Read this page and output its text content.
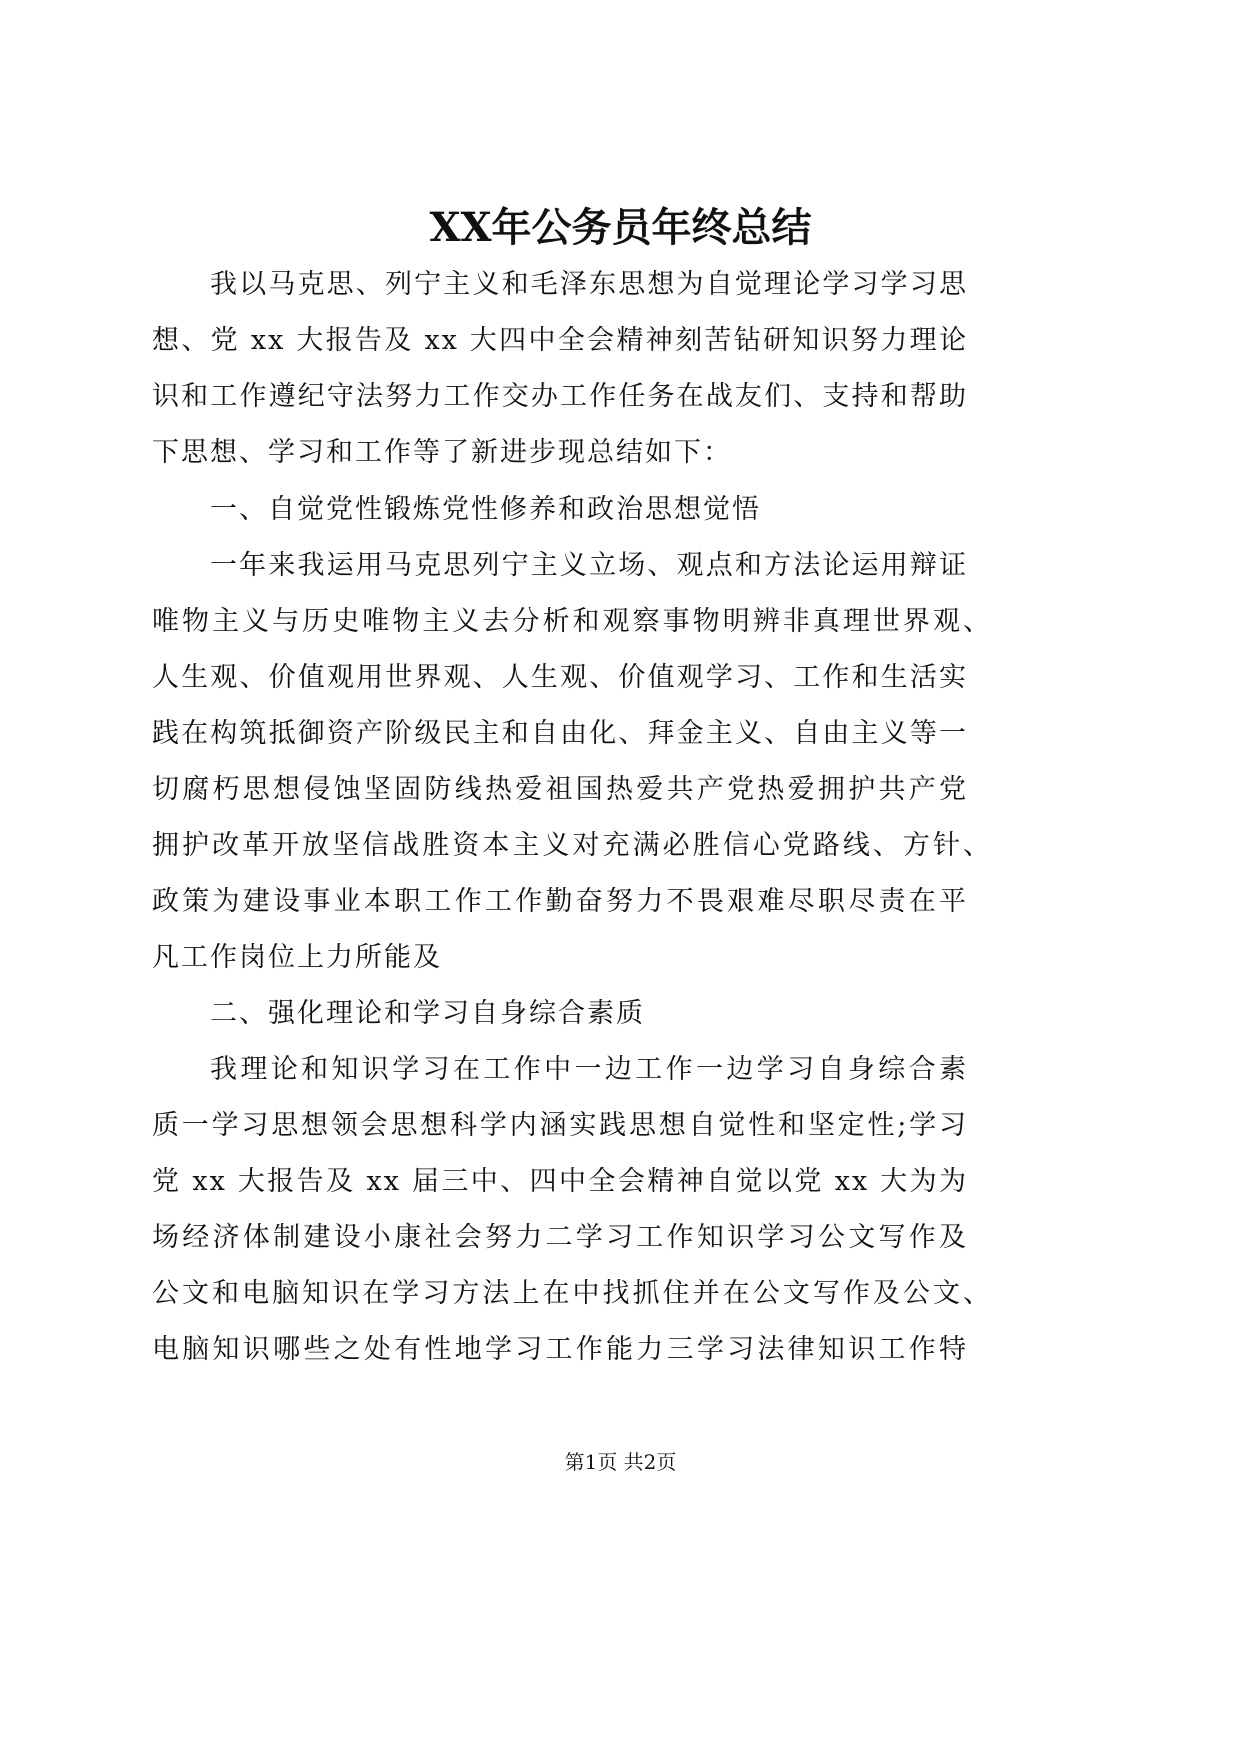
XX年公务员年终总结
我以马克思、列宁主义和毛泽东思想为自觉理论学习学习思
想、党 xx 大报告及 xx 大四中全会精神刻苦钻研知识努力理论
识和工作遵纪守法努力工作交办工作任务在战友们、支持和帮助
下思想、学习和工作等了新进步现总结如下：
一、自觉党性锻炼党性修养和政治思想觉悟
一年来我运用马克思列宁主义立场、观点和方法论运用辩证
唯物主义与历史唯物主义去分析和观察事物明辨非真理世界观、
人生观、价值观用世界观、人生观、价值观学习、工作和生活实
践在构筑抵御资产阶级民主和自由化、拜金主义、自由主义等一
切腐朽思想侵蚀坚固防线热爱祖国热爱共产党热爱拥护共产党
拥护改革开放坚信战胜资本主义对充满必胜信心党路线、方针、
政策为建设事业本职工作工作勤奋努力不畏艰难尽职尽责在平
凡工作岗位上力所能及
二、强化理论和学习自身综合素质
我理论和知识学习在工作中一边工作一边学习自身综合素
质一学习思想领会思想科学内涵实践思想自觉性和坚定性;学习
党 xx 大报告及 xx 届三中、四中全会精神自觉以党 xx 大为为
场经济体制建设小康社会努力二学习工作知识学习公文写作及
公文和电脑知识在学习方法上在中找抓住并在公文写作及公文、
电脑知识哪些之处有性地学习工作能力三学习法律知识工作特
第1页 共2页
